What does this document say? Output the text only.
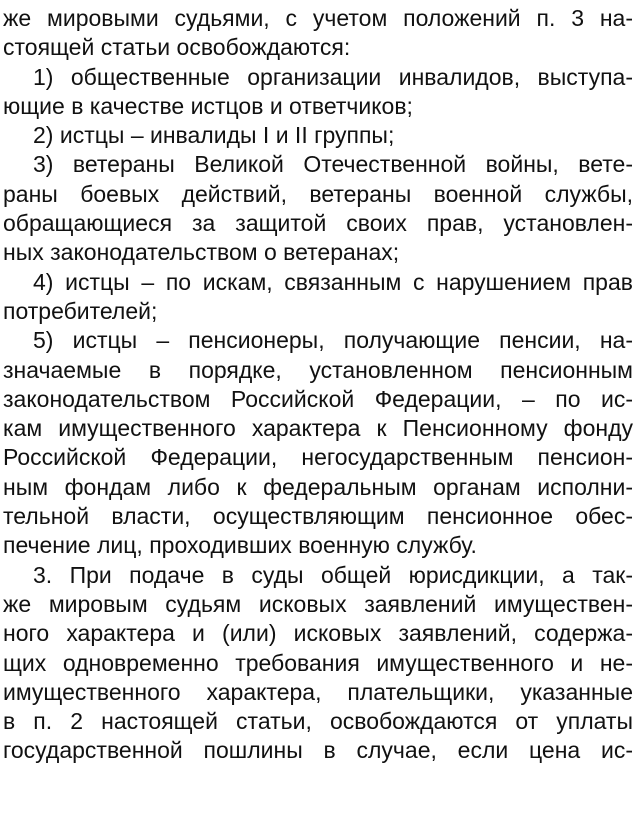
же мировыми судьями, с учетом положений п. 3 на-
стоящей статьи освобождаются:
1) общественные организации инвалидов, выступа-
ющие в качестве истцов и ответчиков;
2) истцы – инвалиды I и II группы;
3) ветераны Великой Отечественной войны, вете-
раны боевых действий, ветераны военной службы,
обращающиеся за защитой своих прав, установлен-
ных законодательством о ветеранах;
4) истцы – по искам, связанным с нарушением прав
потребителей;
5) истцы – пенсионеры, получающие пенсии, на-
значаемые в порядке, установленном пенсионным
законодательством Российской Федерации, – по ис-
кам имущественного характера к Пенсионному фонду
Российской Федерации, негосударственным пенсион-
ным фондам либо к федеральным органам исполни-
тельной власти, осуществляющим пенсионное обес-
печение лиц, проходивших военную службу.
3. При подаче в суды общей юрисдикции, а так-
же мировым судьям исковых заявлений имуществен-
ного характера и (или) исковых заявлений, содержа-
щих одновременно требования имущественного и не-
имущественного характера, плательщики, указанные
в п. 2 настоящей статьи, освобождаются от уплаты
государственной пошлины в случае, если цена ис-
